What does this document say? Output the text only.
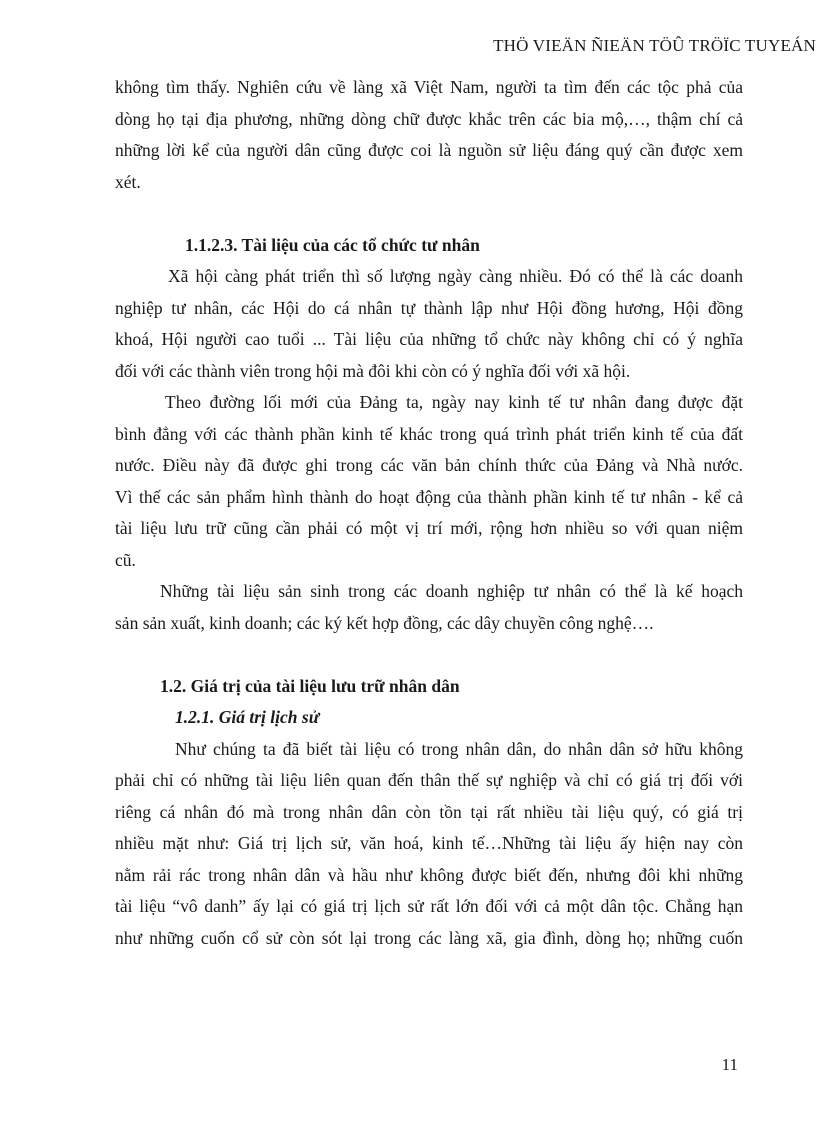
THÖ VIEÄN ÑIEÄN TÖÛ TRÖÏC TUYEÁN
không tìm thấy. Nghiên cứu về làng xã Việt Nam, người ta tìm đến các tộc phả của
dòng họ tại địa phương, những dòng chữ được khắc trên các bia mộ,…, thậm chí cả
những lời kể của người dân cũng được coi là nguồn sử liệu đáng quý cần được xem
xét.
1.1.2.3. Tài liệu của các tổ chức tư nhân
Xã hội càng phát triển thì số lượng ngày càng nhiều. Đó có thể là các doanh
nghiệp tư nhân, các Hội do cá nhân tự thành lập như Hội đồng hương, Hội đồng
khoá, Hội người cao tuổi ... Tài liệu của những tổ chức này không chỉ có ý nghĩa
đối với các thành viên trong hội mà đôi khi còn có ý nghĩa đối với xã hội.
Theo đường lối mới của Đảng ta, ngày nay kinh tế tư nhân đang được đặt
bình đẳng với các thành phần kinh tế khác trong quá trình phát triển kinh tế của đất
nước. Điều này đã được ghi trong các văn bản chính thức của Đảng và Nhà nước.
Vì thế các sản phẩm hình thành do hoạt động của thành phần kinh tế tư nhân - kể cả
tài liệu lưu trữ cũng cần phải có một vị trí mới, rộng hơn nhiều so với quan niệm
cũ.
Những tài liệu sản sinh trong các doanh nghiệp tư nhân có thể là kế hoạch
sản sản xuất, kinh doanh; các ký kết hợp đồng, các dây chuyền công nghệ….
1.2. Giá trị của tài liệu lưu trữ nhân dân
1.2.1. Giá trị lịch sử
Như chúng ta đã biết tài liệu có trong nhân dân, do nhân dân sở hữu không
phải chỉ có những tài liệu liên quan đến thân thế sự nghiệp và chỉ có giá trị đối với
riêng cá nhân đó mà trong nhân dân còn tồn tại rất nhiều tài liệu quý, có giá trị
nhiều mặt như: Giá trị lịch sử, văn hoá, kinh tế…Những tài liệu ấy hiện nay còn
nằm rải rác trong nhân dân và hầu như không được biết đến, nhưng đôi khi những
tài liệu “vô danh” ấy lại có giá trị lịch sử rất lớn đối với cả một dân tộc. Chẳng hạn
như những cuốn cổ sử còn sót lại trong các làng xã, gia đình, dòng họ; những cuốn
11
